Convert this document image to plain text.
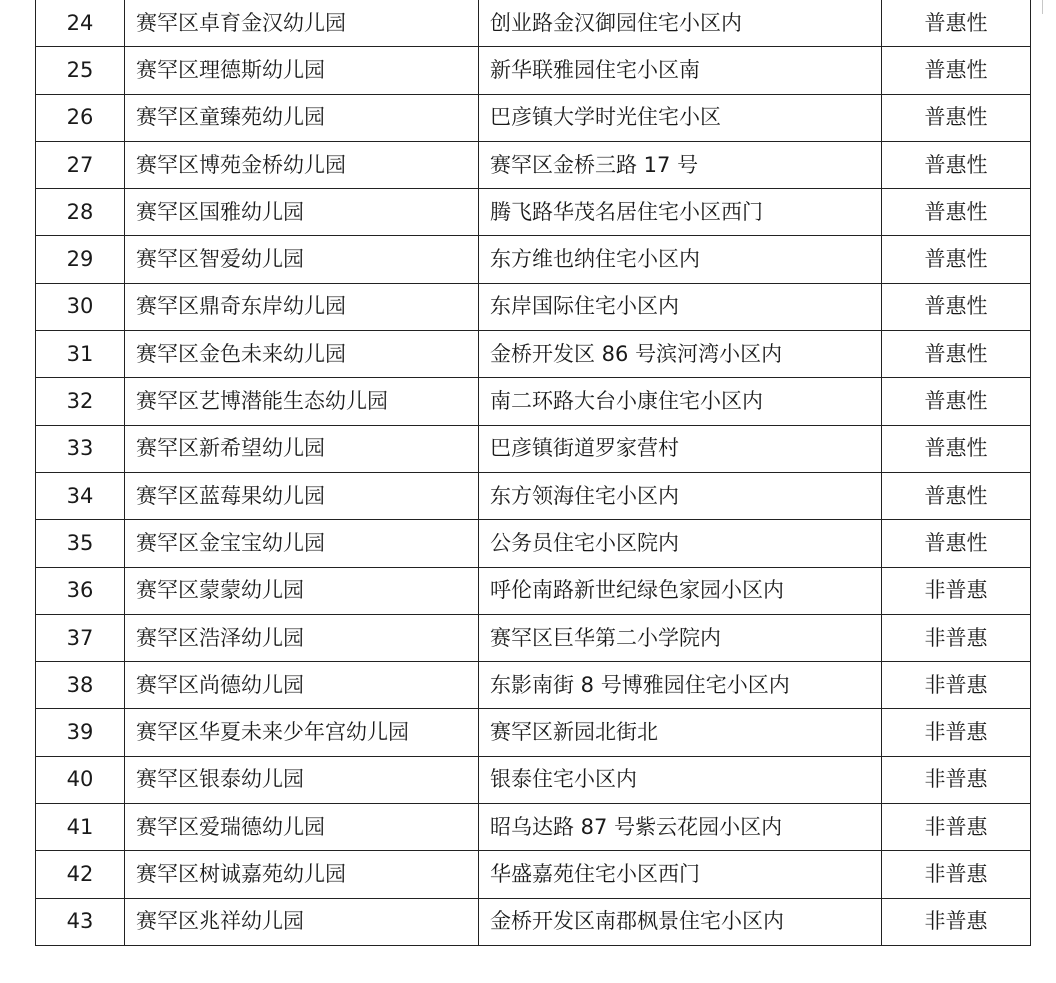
24	赛罕区卓育金汉幼儿园	创业路金汉御园住宅小区内	普惠性
25	赛罕区理德斯幼儿园	新华联雅园住宅小区南	普惠性
26	赛罕区童臻苑幼儿园	巴彦镇大学时光住宅小区	普惠性
27	赛罕区博苑金桥幼儿园	赛罕区金桥三路 17 号	普惠性
28	赛罕区国雅幼儿园	腾飞路华茂名居住宅小区西门	普惠性
29	赛罕区智爱幼儿园	东方维也纳住宅小区内	普惠性
30	赛罕区鼎奇东岸幼儿园	东岸国际住宅小区内	普惠性
31	赛罕区金色未来幼儿园	金桥开发区 86 号滨河湾小区内	普惠性
32	赛罕区艺博潜能生态幼儿园	南二环路大台小康住宅小区内	普惠性
33	赛罕区新希望幼儿园	巴彦镇街道罗家营村	普惠性
34	赛罕区蓝莓果幼儿园	东方领海住宅小区内	普惠性
35	赛罕区金宝宝幼儿园	公务员住宅小区院内	普惠性
36	赛罕区蒙蒙幼儿园	呼伦南路新世纪绿色家园小区内	非普惠
37	赛罕区浩泽幼儿园	赛罕区巨华第二小学院内	非普惠
38	赛罕区尚德幼儿园	东影南街 8 号博雅园住宅小区内	非普惠
39	赛罕区华夏未来少年宫幼儿园	赛罕区新园北街北	非普惠
40	赛罕区银泰幼儿园	银泰住宅小区内	非普惠
41	赛罕区爱瑞德幼儿园	昭乌达路 87 号紫云花园小区内	非普惠
42	赛罕区树诚嘉苑幼儿园	华盛嘉苑住宅小区西门	非普惠
43	赛罕区兆祥幼儿园	金桥开发区南郡枫景住宅小区内	非普惠
